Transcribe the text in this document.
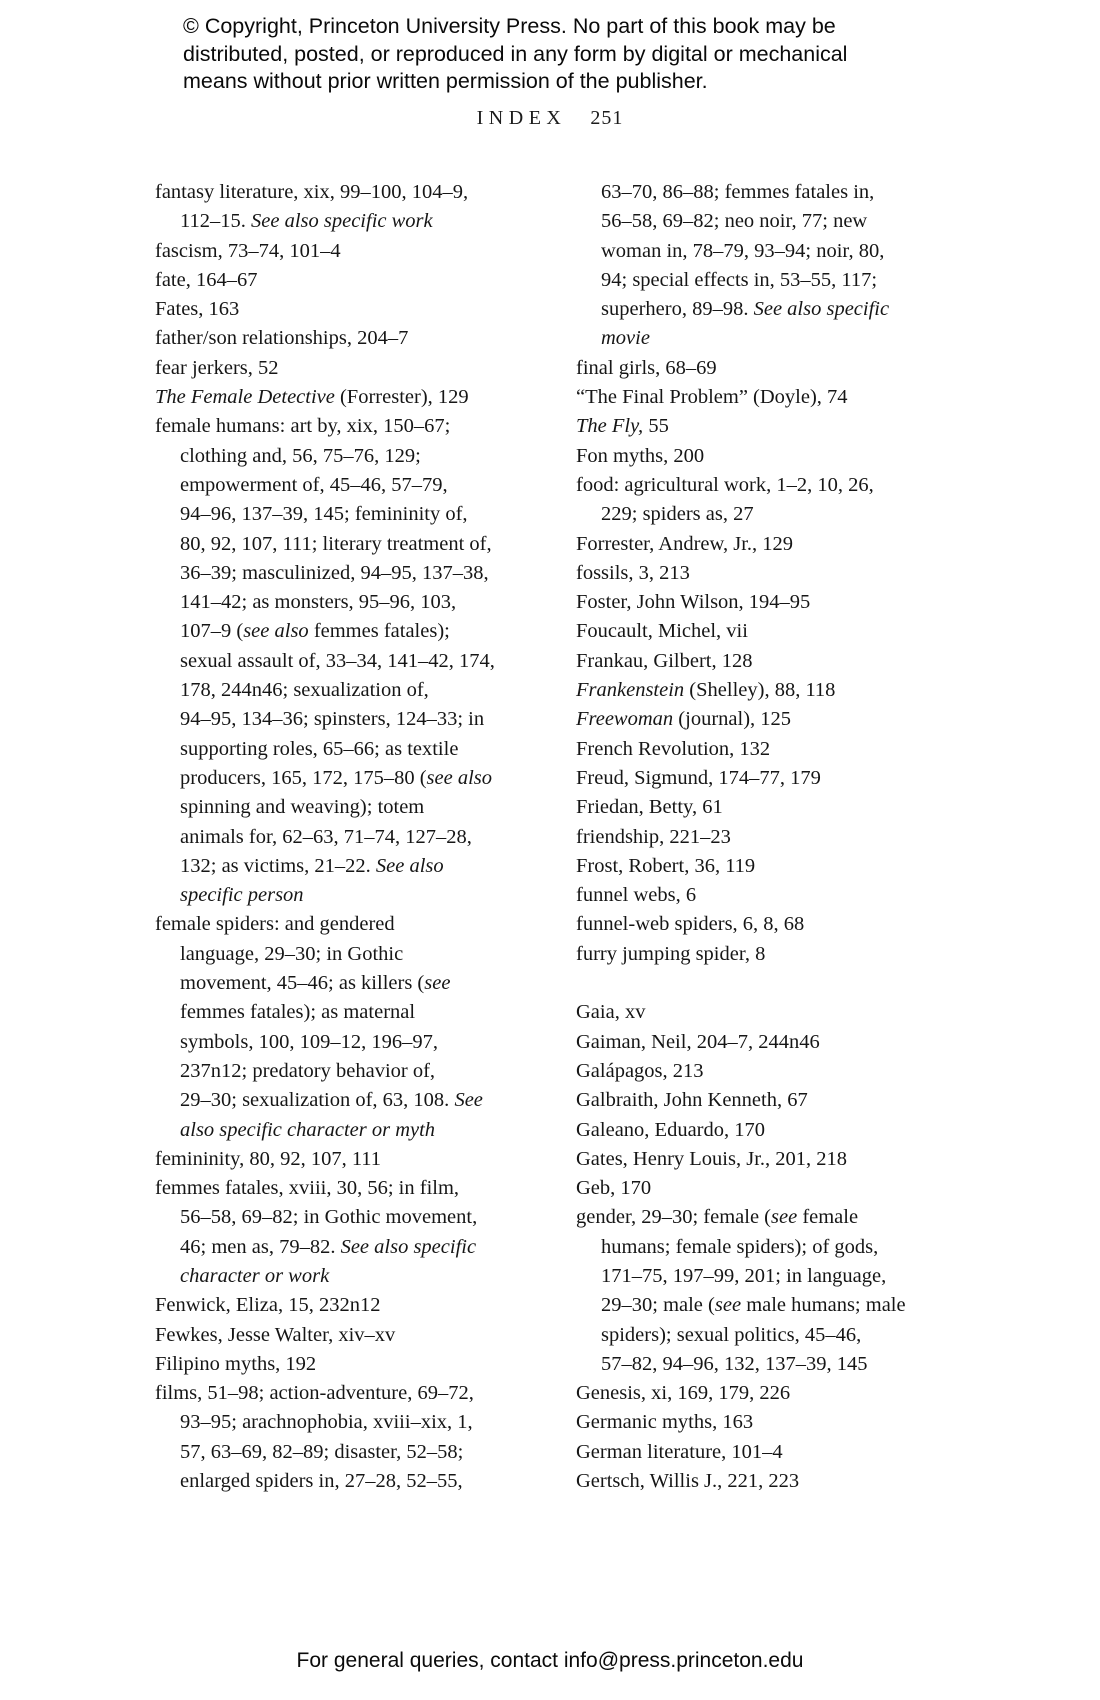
© Copyright, Princeton University Press. No part of this book may be
distributed, posted, or reproduced in any form by digital or mechanical
means without prior written permission of the publisher.
INDEX 251
fantasy literature, xix, 99–100, 104–9,
112–15. See also specific work
fascism, 73–74, 101–4
fate, 164–67
Fates, 163
father/son relationships, 204–7
fear jerkers, 52
The Female Detective (Forrester), 129
female humans: art by, xix, 150–67;
clothing and, 56, 75–76, 129;
empowerment of, 45–46, 57–79,
94–96, 137–39, 145; femininity of,
80, 92, 107, 111; literary treatment of,
36–39; masculinized, 94–95, 137–38,
141–42; as monsters, 95–96, 103,
107–9 (see also femmes fatales);
sexual assault of, 33–34, 141–42, 174,
178, 244n46; sexualization of,
94–95, 134–36; spinsters, 124–33; in
supporting roles, 65–66; as textile
producers, 165, 172, 175–80 (see also
spinning and weaving); totem
animals for, 62–63, 71–74, 127–28,
132; as victims, 21–22. See also
specific person
female spiders: and gendered
language, 29–30; in Gothic
movement, 45–46; as killers (see
femmes fatales); as maternal
symbols, 100, 109–12, 196–97,
237n12; predatory behavior of,
29–30; sexualization of, 63, 108. See
also specific character or myth
femininity, 80, 92, 107, 111
femmes fatales, xviii, 30, 56; in film,
56–58, 69–82; in Gothic movement,
46; men as, 79–82. See also specific
character or work
Fenwick, Eliza, 15, 232n12
Fewkes, Jesse Walter, xiv–xv
Filipino myths, 192
films, 51–98; action-adventure, 69–72,
93–95; arachnophobia, xviii–xix, 1,
57, 63–69, 82–89; disaster, 52–58;
enlarged spiders in, 27–28, 52–55,
63–70, 86–88; femmes fatales in,
56–58, 69–82; neo noir, 77; new
woman in, 78–79, 93–94; noir, 80,
94; special effects in, 53–55, 117;
superhero, 89–98. See also specific
movie
final girls, 68–69
“The Final Problem” (Doyle), 74
The Fly, 55
Fon myths, 200
food: agricultural work, 1–2, 10, 26,
229; spiders as, 27
Forrester, Andrew, Jr., 129
fossils, 3, 213
Foster, John Wilson, 194–95
Foucault, Michel, vii
Frankau, Gilbert, 128
Frankenstein (Shelley), 88, 118
Freewoman (journal), 125
French Revolution, 132
Freud, Sigmund, 174–77, 179
Friedan, Betty, 61
friendship, 221–23
Frost, Robert, 36, 119
funnel webs, 6
funnel-web spiders, 6, 8, 68
furry jumping spider, 8
Gaia, xv
Gaiman, Neil, 204–7, 244n46
Galápagos, 213
Galbraith, John Kenneth, 67
Galeano, Eduardo, 170
Gates, Henry Louis, Jr., 201, 218
Geb, 170
gender, 29–30; female (see female
humans; female spiders); of gods,
171–75, 197–99, 201; in language,
29–30; male (see male humans; male
spiders); sexual politics, 45–46,
57–82, 94–96, 132, 137–39, 145
Genesis, xi, 169, 179, 226
Germanic myths, 163
German literature, 101–4
Gertsch, Willis J., 221, 223
For general queries, contact info@press.princeton.edu
